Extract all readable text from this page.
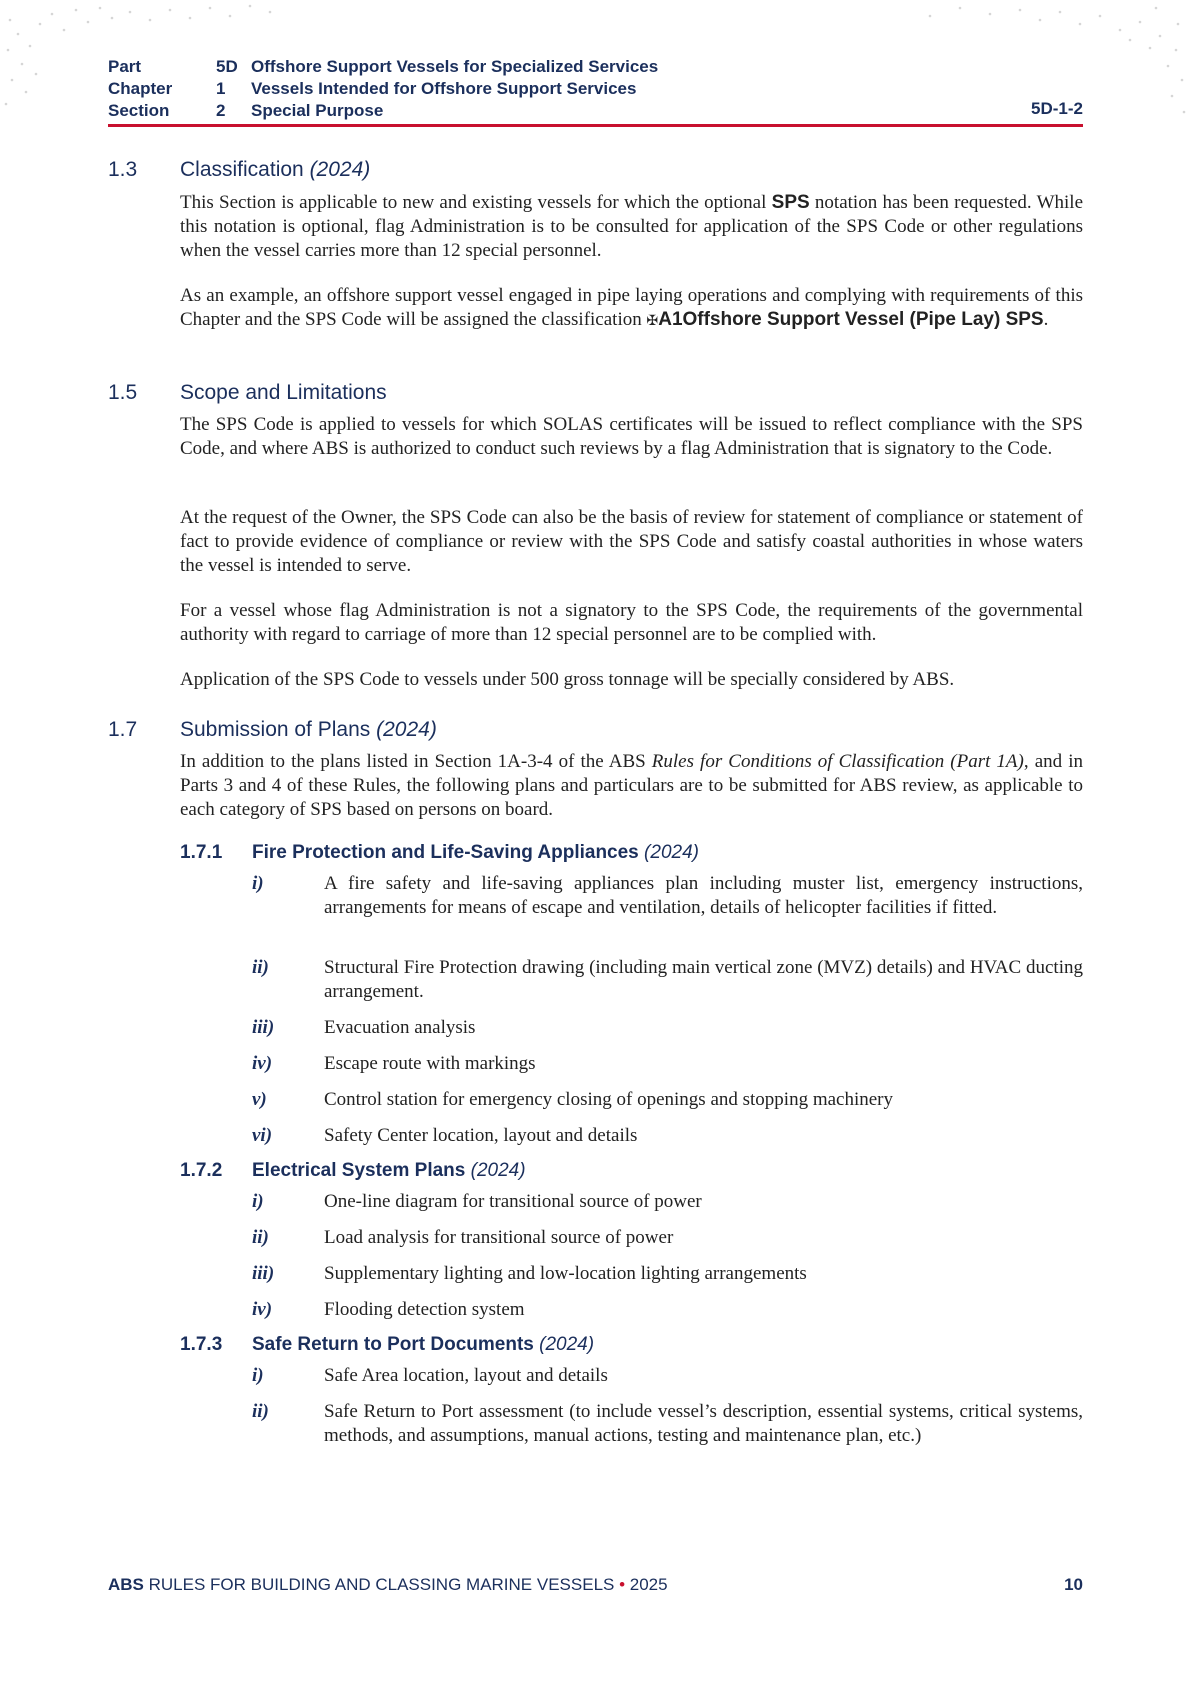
Part	5D Offshore Support Vessels for Specialized Services
Chapter	1 Vessels Intended for Offshore Support Services
Section	2 Special Purpose	5D-1-2
1.3 Classification (2024)
This Section is applicable to new and existing vessels for which the optional SPS notation has been requested. While this notation is optional, flag Administration is to be consulted for application of the SPS Code or other regulations when the vessel carries more than 12 special personnel.
As an example, an offshore support vessel engaged in pipe laying operations and complying with requirements of this Chapter and the SPS Code will be assigned the classification ✠A1Offshore Support Vessel (Pipe Lay) SPS.
1.5 Scope and Limitations
The SPS Code is applied to vessels for which SOLAS certificates will be issued to reflect compliance with the SPS Code, and where ABS is authorized to conduct such reviews by a flag Administration that is signatory to the Code.
At the request of the Owner, the SPS Code can also be the basis of review for statement of compliance or statement of fact to provide evidence of compliance or review with the SPS Code and satisfy coastal authorities in whose waters the vessel is intended to serve.
For a vessel whose flag Administration is not a signatory to the SPS Code, the requirements of the governmental authority with regard to carriage of more than 12 special personnel are to be complied with.
Application of the SPS Code to vessels under 500 gross tonnage will be specially considered by ABS.
1.7 Submission of Plans (2024)
In addition to the plans listed in Section 1A-3-4 of the ABS Rules for Conditions of Classification (Part 1A), and in Parts 3 and 4 of these Rules, the following plans and particulars are to be submitted for ABS review, as applicable to each category of SPS based on persons on board.
1.7.1 Fire Protection and Life-Saving Appliances (2024)
i)	A fire safety and life-saving appliances plan including muster list, emergency instructions, arrangements for means of escape and ventilation, details of helicopter facilities if fitted.
ii)	Structural Fire Protection drawing (including main vertical zone (MVZ) details) and HVAC ducting arrangement.
iii)	Evacuation analysis
iv)	Escape route with markings
v)	Control station for emergency closing of openings and stopping machinery
vi)	Safety Center location, layout and details
1.7.2 Electrical System Plans (2024)
i)	One-line diagram for transitional source of power
ii)	Load analysis for transitional source of power
iii)	Supplementary lighting and low-location lighting arrangements
iv)	Flooding detection system
1.7.3 Safe Return to Port Documents (2024)
i)	Safe Area location, layout and details
ii)	Safe Return to Port assessment (to include vessel’s description, essential systems, critical systems, methods, and assumptions, manual actions, testing and maintenance plan, etc.)
ABS RULES FOR BUILDING AND CLASSING MARINE VESSELS • 2025	10
